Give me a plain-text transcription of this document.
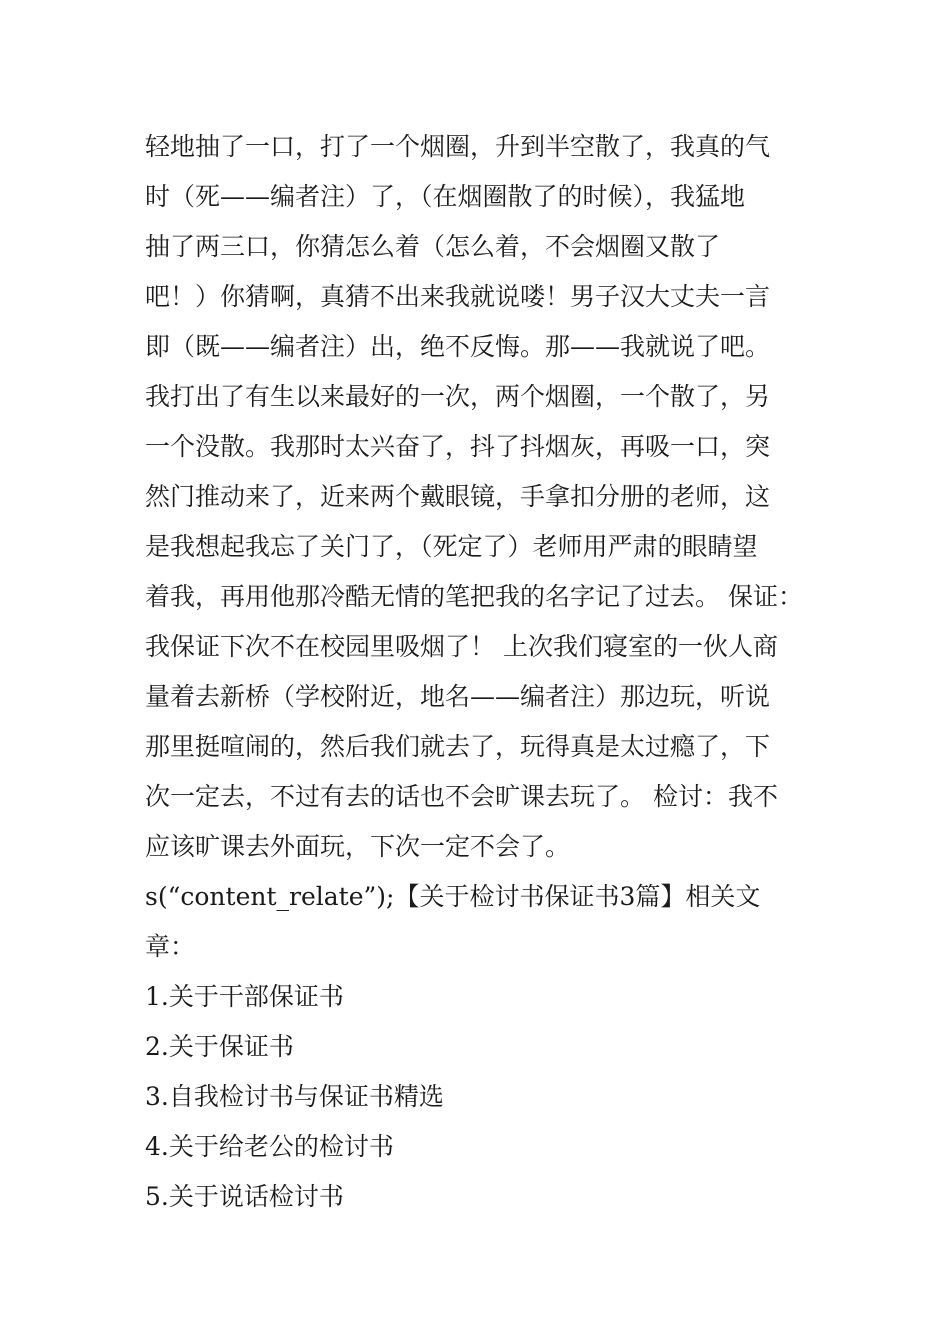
轻地抽了一口，打了一个烟圈，升到半空散了，我真的气
时（死——编者注）了，（在烟圈散了的时候），我猛地
抽了两三口，你猜怎么着（怎么着，不会烟圈又散了
吧！）你猜啊，真猜不出来我就说喽！男子汉大丈夫一言
即（既——编者注）出，绝不反悔。那——我就说了吧。
我打出了有生以来最好的一次，两个烟圈，一个散了，另
一个没散。我那时太兴奋了，抖了抖烟灰，再吸一口，突
然门推动来了，近来两个戴眼镜，手拿扣分册的老师，这
是我想起我忘了关门了，（死定了）老师用严肃的眼睛望
着我，再用他那冷酷无情的笔把我的名字记了过去。 保证：
我保证下次不在校园里吸烟了！ 上次我们寝室的一伙人商
量着去新桥（学校附近，地名——编者注）那边玩，听说
那里挺喧闹的，然后我们就去了，玩得真是太过瘾了，下
次一定去，不过有去的话也不会旷课去玩了。 检讨：我不
应该旷课去外面玩，下次一定不会了。
s(“content_relate”);【关于检讨书保证书3篇】相关文
章：
1.关于干部保证书
2.关于保证书
3.自我检讨书与保证书精选
4.关于给老公的检讨书
5.关于说话检讨书
